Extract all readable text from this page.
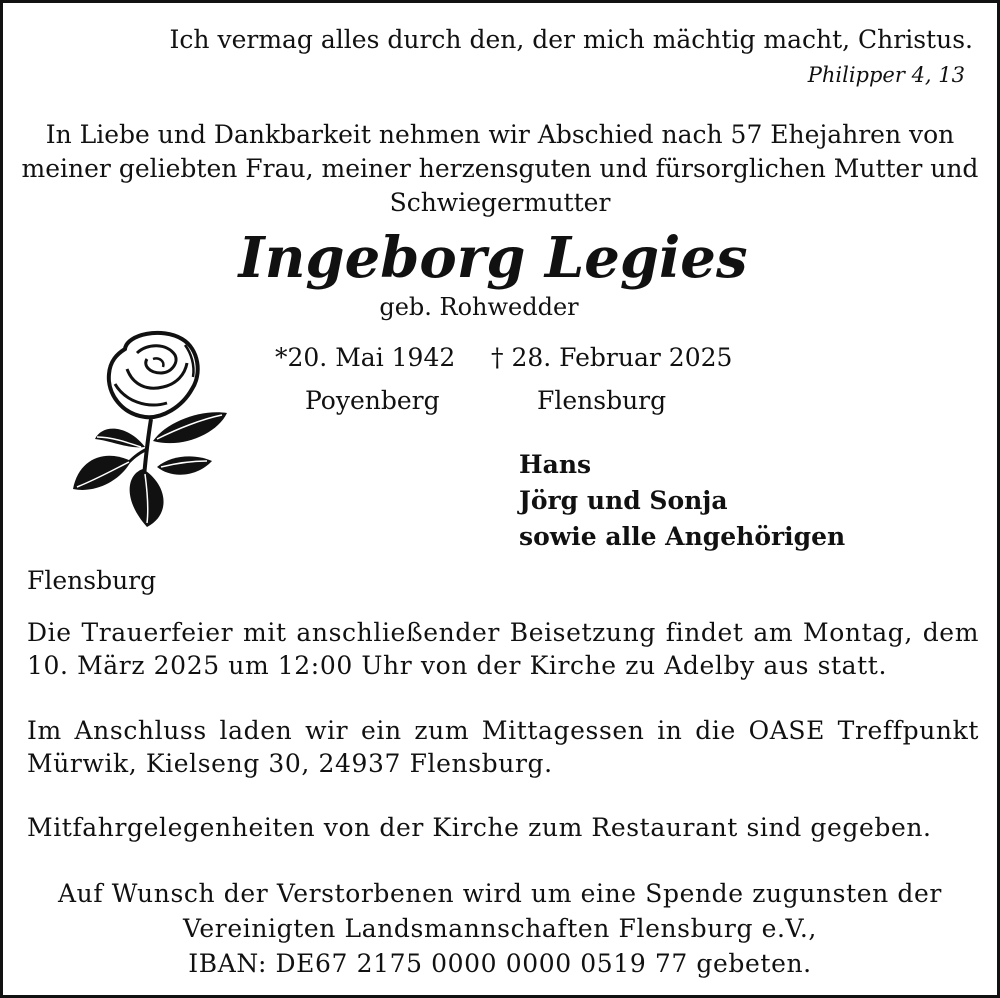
Ich vermag alles durch den, der mich mächtig macht, Christus.
Philipper 4, 13
In Liebe und Dankbarkeit nehmen wir Abschied nach 57 Ehejahren von
meiner geliebten Frau, meiner herzensguten und fürsorglichen Mutter und
Schwiegermutter
Ingeborg Legies
geb. Rohwedder
*20. Mai 1942 † 28. Februar 2025
Poyenberg	Flensburg
Hans
Jörg und Sonja
sowie alle Angehörigen
Flensburg
Die Trauerfeier mit anschließender Beisetzung findet am Montag, dem 10. März 2025 um 12:00 Uhr von der Kirche zu Adelby aus statt.
Im Anschluss laden wir ein zum Mittagessen in die OASE Treffpunkt Mürwik, Kielseng 30, 24937 Flensburg.
Mitfahrgelegenheiten von der Kirche zum Restaurant sind gegeben.
Auf Wunsch der Verstorbenen wird um eine Spende zugunsten der
Vereinigten Landsmannschaften Flensburg e.V.,
IBAN: DE67 2175 0000 0000 0519 77 gebeten.
